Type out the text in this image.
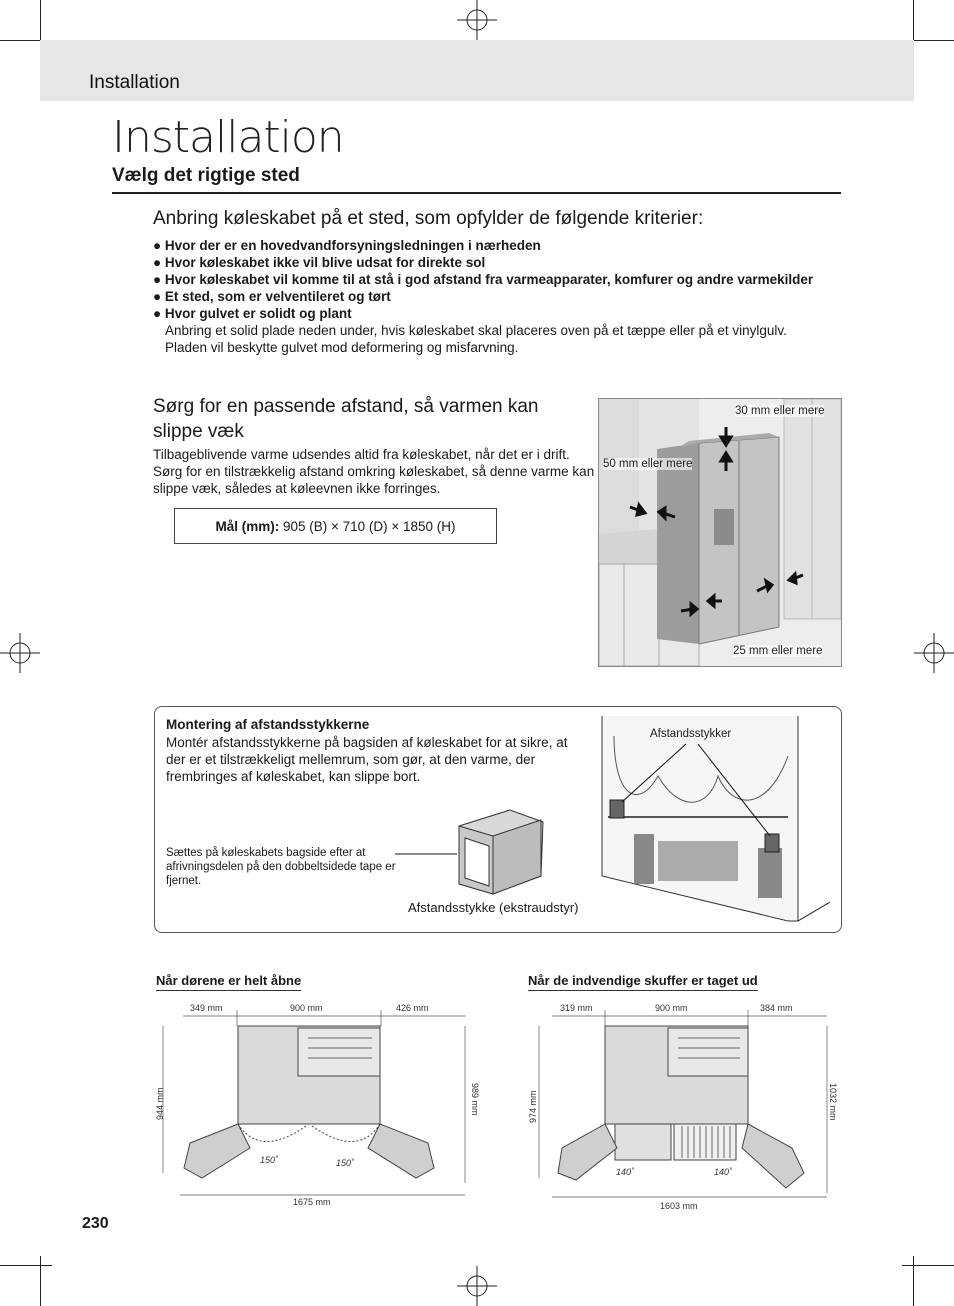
Installation
Installation
Vælg det rigtige sted
Anbring køleskabet på et sted, som opfylder de følgende kriterier:
● Hvor der er en hovedvandforsyningsledningen i nærheden
● Hvor køleskabet ikke vil blive udsat for direkte sol
● Hvor køleskabet vil komme til at stå i god afstand fra varmeapparater, komfurer og andre varmekilder
● Et sted, som er velventileret og tørt
● Hvor gulvet er solidt og plant
Anbring et solid plade neden under, hvis køleskabet skal placeres oven på et tæppe eller på et vinylgulv.
Pladen vil beskytte gulvet mod deformering og misfarvning.
Sørg for en passende afstand, så varmen kan slippe væk
Tilbageblivende varme udsendes altid fra køleskabet, når det er i drift. Sørg for en tilstrækkelig afstand omkring køleskabet, så denne varme kan slippe væk, således at køleevnen ikke forringes.
Mål (mm): 905 (B) × 710 (D) × 1850 (H)
30 mm eller mere
50 mm eller mere
25 mm eller mere
Montering af afstandsstykkerne
Montér afstandsstykkerne på bagsiden af køleskabet for at sikre, at der er et tilstrækkeligt mellemrum, som gør, at den varme, der frembringes af køleskabet, kan slippe bort.
Sættes på køleskabets bagside efter at afrivningsdelen på den dobbeltsidede tape er fjernet.
Afstandsstykke (ekstraudstyr)
Afstandsstykker
Når dørene er helt åbne	Når de indvendige skuffer er taget ud
349 mm	900 mm	426 mm
944 mm	989 mm
150˚	150˚
1675 mm
319 mm	900 mm	384 mm
974 mm	1032 mm
140˚	140˚
1603 mm
230
